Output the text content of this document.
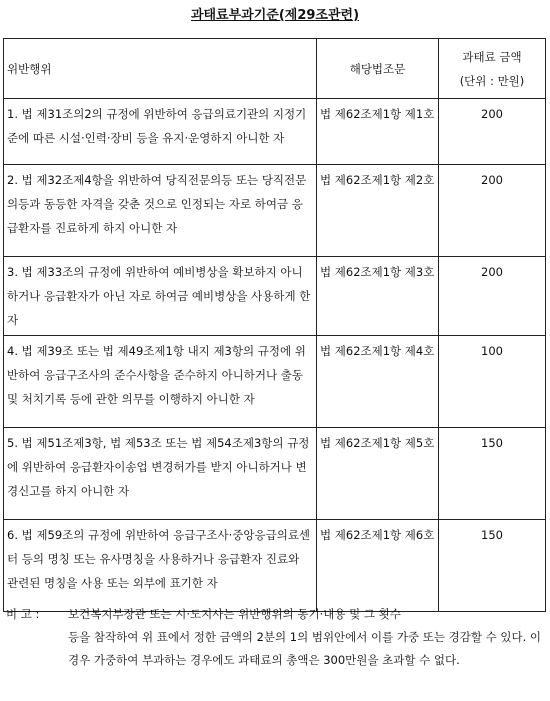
과태료부과기준(제29조관련)
위반행위	해당법조문	과태료 금액
(단위 : 만원)

1. 법 제31조의2의 규정에 위반하여 응급의료기관의 지정기준에 따른 시설·인력·장비 등을 유지·운영하지 아니한 자	법 제62조제1항 제1호	200
2. 법 제32조제4항을 위반하여 당직전문의등 또는 당직전문의등과 동등한 자격을 갖춘 것으로 인정되는 자로 하여금 응급환자를 진료하게 하지 아니한 자	법 제62조제1항 제2호	200
3. 법 제33조의 규정에 위반하여 예비병상을 확보하지 아니하거나 응급환자가 아닌 자로 하여금 예비병상을 사용하게 한 자	법 제62조제1항 제3호	200
4. 법 제39조 또는 법 제49조제1항 내지 제3항의 규정에 위반하여 응급구조사의 준수사항을 준수하지 아니하거나 출동 및 처치기록 등에 관한 의무를 이행하지 아니한 자	법 제62조제1항 제4호	100
5. 법 제51조제3항, 법 제53조 또는 법 제54조제3항의 규정에 위반하여 응급환자이송업 변경허가를 받지 아니하거나 변경신고를 하지 아니한 자	법 제62조제1항 제5호	150
6. 법 제59조의 규정에 위반하여 응급구조사·중앙응급의료센터 등의 명칭 또는 유사명칭을 사용하거나 응급환자 진료와 관련된 명칭을 사용 또는 외부에 표기한 자	법 제62조제1항 제6호	150
비 고 :	보건복지부장관 또는 시·도지사는 위반행위의 동기·내용 및 그 횟수
등을 참작하여 위 표에서 정한 금액의 2분의 1의 범위안에서 이를 가중 또는 경감할 수 있다. 이 경우 가중하여 부과하는 경우에도 과태료의 총액은 300만원을 초과할 수 없다.
